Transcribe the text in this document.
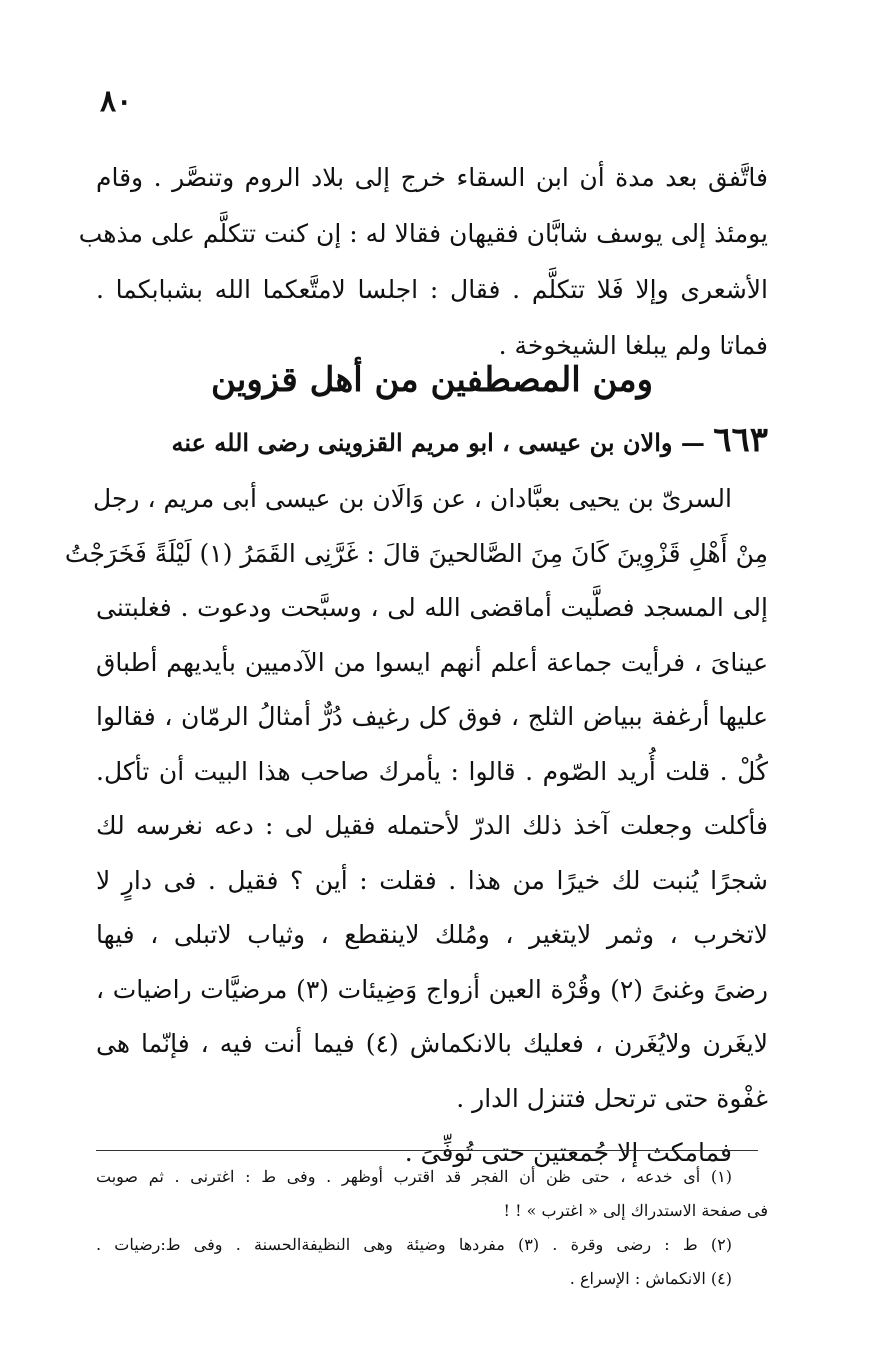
٨٠
فاتَّفق بعد مدة أن ابن السقاء خرج إلى بلاد الروم وتنصَّر . وقام
يومئذ إلى يوسف شابَّان فقيهان فقالا له : إن كنت تتكلَّم على مذهب
الأشعرى وإلا فَلا تتكلَّم . فقال : اجلسا لامتَّعكما الله بشبابكما .
فماتا ولم يبلغا الشيخوخة .
ومن المصطفين من أهل قزوين
٦٦٣ — والان بن عيسى ، ابو مريم القزوينى رضى الله عنه
السرىّ بن يحيى بعبَّادان ، عن وَالَان بن عيسى أبى مريم ، رجل
مِنْ أَهْلِ قَزْوِينَ كَانَ مِنَ الصَّالحينَ قالَ : غَرَّنِى القَمَرُ (١) لَيْلَةً فَخَرَجْتُ
إلى المسجد فصلَّيت أماقضى الله لى ، وسبَّحت ودعوت . فغلبتنى
عيناىَ ، فرأيت جماعة أعلم أنهم ايسوا من الآدميين بأيديهم أطباق
عليها أرغفة ببياض الثلج ، فوق كل رغيف دُرٌّ أمثالُ الرمّان ، فقالوا
كُلْ . قلت أُريد الصّوم . قالوا : يأمرك صاحب هذا البيت أن تأكل.
فأكلت وجعلت آخذ ذلك الدرّ لأحتمله فقيل لى : دعه نغرسه لك
شجرًا يُنبت لك خيرًا من هذا . فقلت : أين ؟ فقيل . فى دارٍ لا
لاتخرب ، وثمر لايتغير ، ومُلك لاينقطع ، وثياب لاتبلى ، فيها
رضىً وغنىً (٢) وقُرْة العين أزواج وَضِيئات (٣) مرضيَّات راضيات ،
لايغَرن ولايُغَرن ، فعليك بالانكماش (٤) فيما أنت فيه ، فإنّما هى
غفْوة حتى ترتحل فتنزل الدار .
فمامكث إلا جُمعتين حتى تُوفِّىَ .
(١) أى خدعه ، حتى ظن أن الفجر قد اقترب أوظهر . وفى ط : اغترنى . ثم صوبت
فى صفحة الاستدراك إلى « اغترب » ! !
(٢) ط : رضى وقرة . (٣) مفردها وضيئة وهى النظيفةالحسنة . وفى ط:رضيات .
(٤) الانكماش : الإسراع .
